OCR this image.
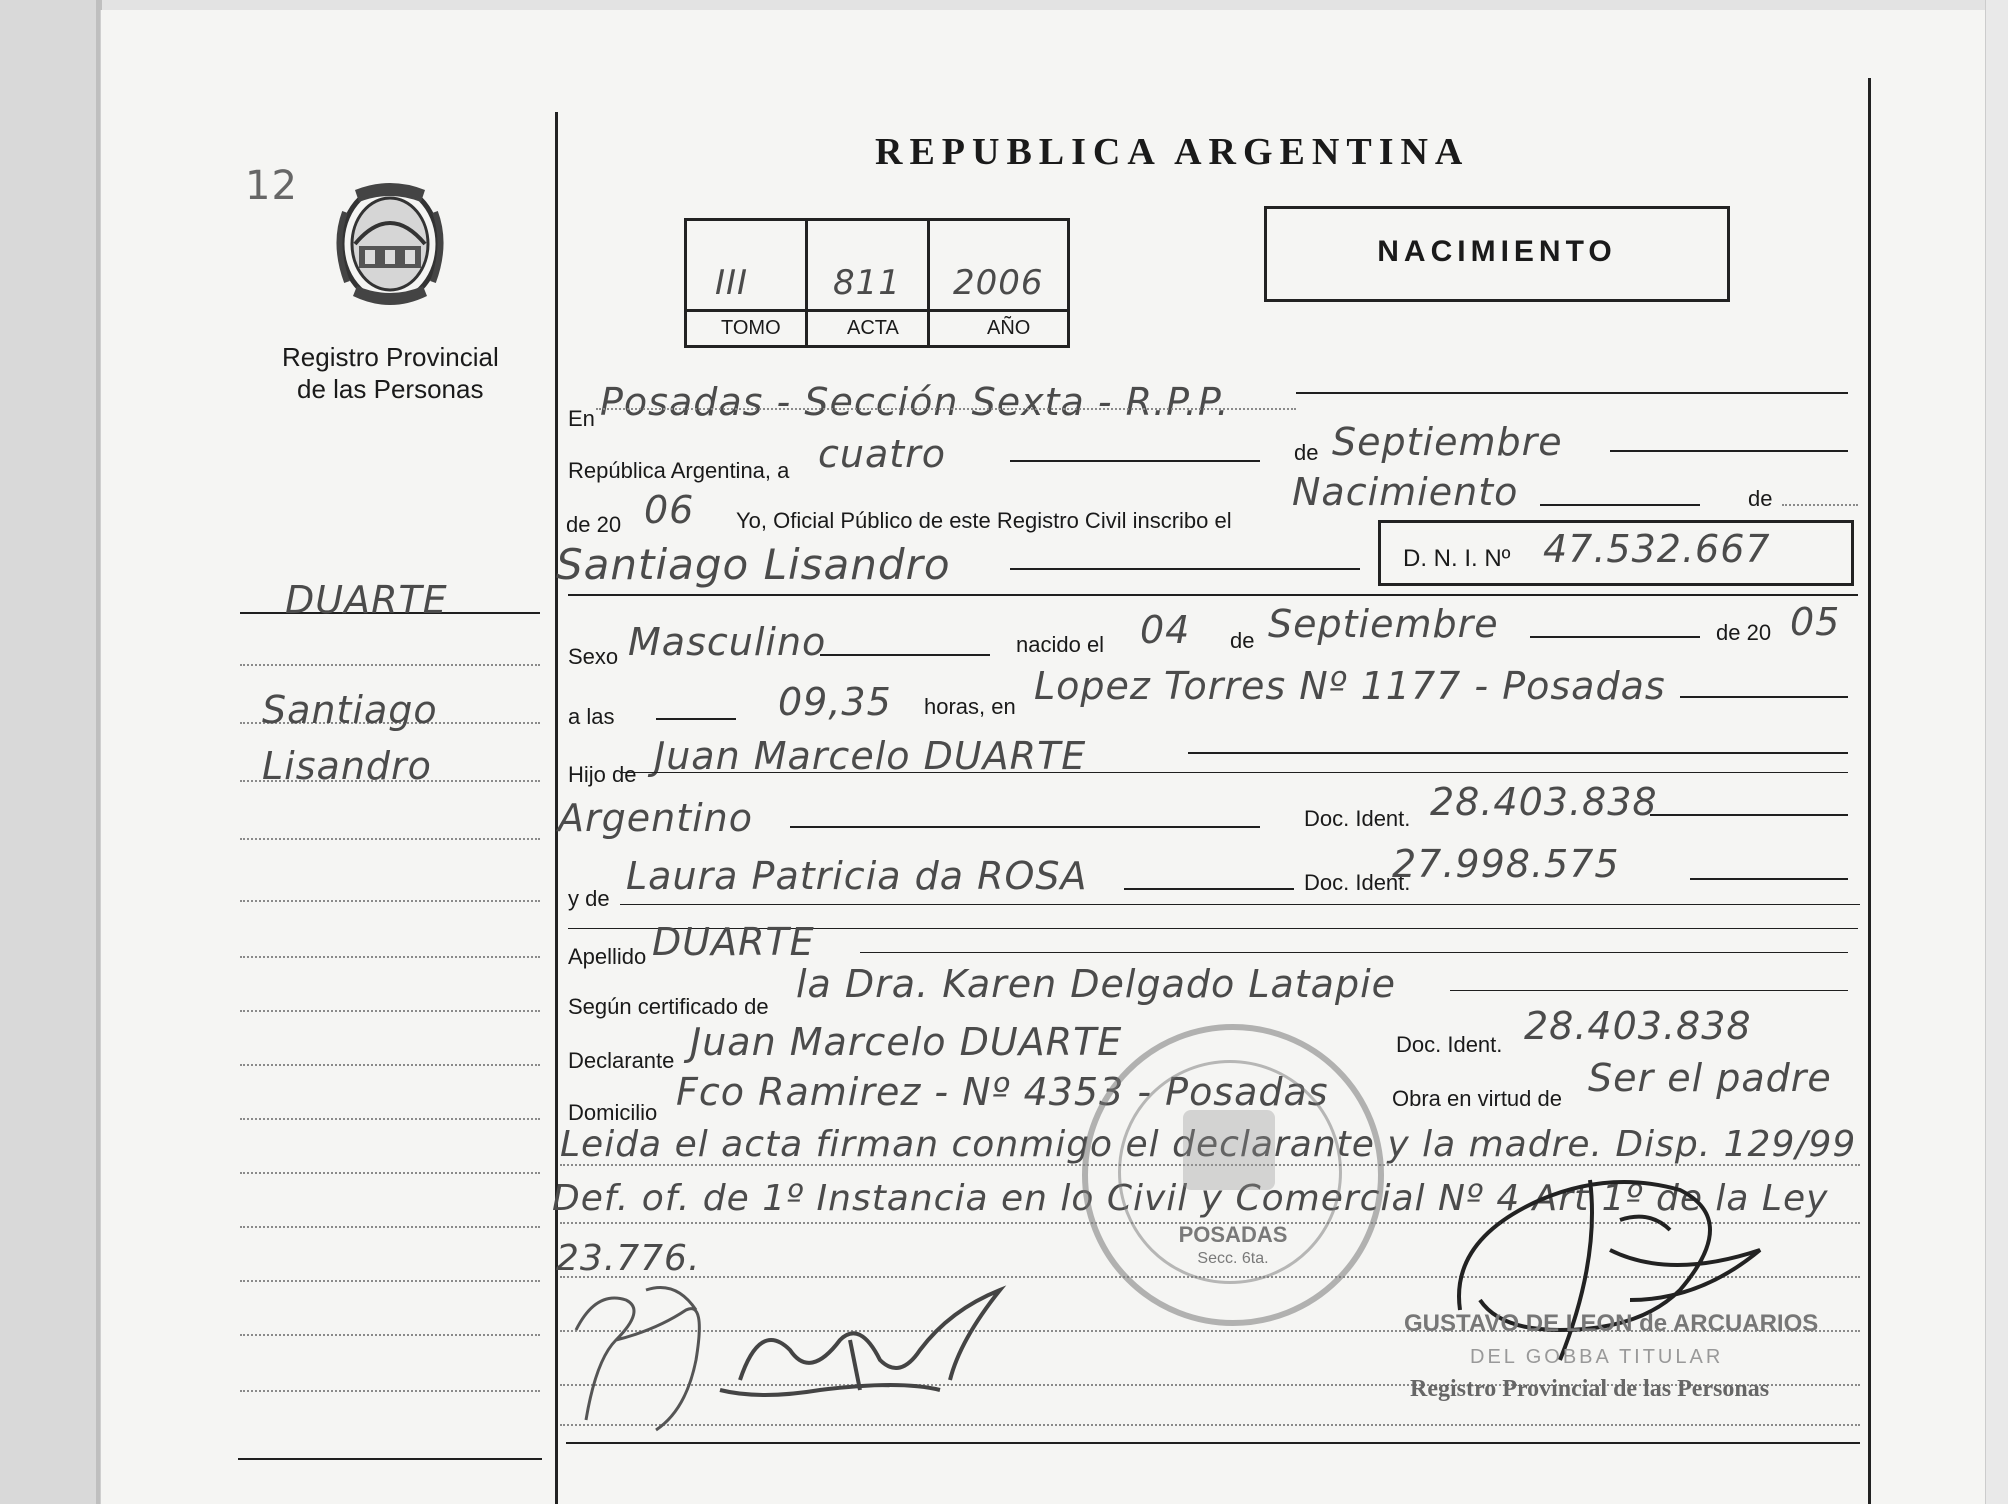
12
Registro Provincial
de las Personas
DUARTE
Santiago
Lisandro
REPUBLICA ARGENTINA
III 811 2006
TOMO	ACTA	AÑO
NACIMIENTO
En Posadas - Sección Sexta - R.P.P.
República Argentina, a cuatro	de Septiembre
de 20 06 Yo, Oficial Público de este Registro Civil inscribo el
Nacimiento	de
Santiago Lisandro	D. N. I. Nº 47.532.667
Sexo Masculino	nacido el 04 de Septiembre	de 20 05
a las	09,35 horas, en Lopez Torres Nº 1177 - Posadas
Hijo de Juan Marcelo DUARTE
Argentino	Doc. Ident. 28.403.838
y de
Laura Patricia da ROSA	Doc. Ident.
27.998.575
Apellido DUARTE
Según certificado de
la Dra. Karen Delgado Latapie
Declarante Juan Marcelo DUARTE	Doc. Ident. 28.403.838
Domicilio Fco Ramirez - Nº 4353 - Posadas	Obra en virtud de Ser el padre
Leida el acta firman conmigo el declarante y la madre. Disp. 129/99
Def. of. de 1º Instancia en lo Civil y Comercial Nº 4 Art 1º de la Ley
23.776.
POSADAS
Secc. 6ta.
GUSTAVO DE LEON de ARCUARIOS
DEL GOBBA TITULAR
Registro Provincial de las Personas
